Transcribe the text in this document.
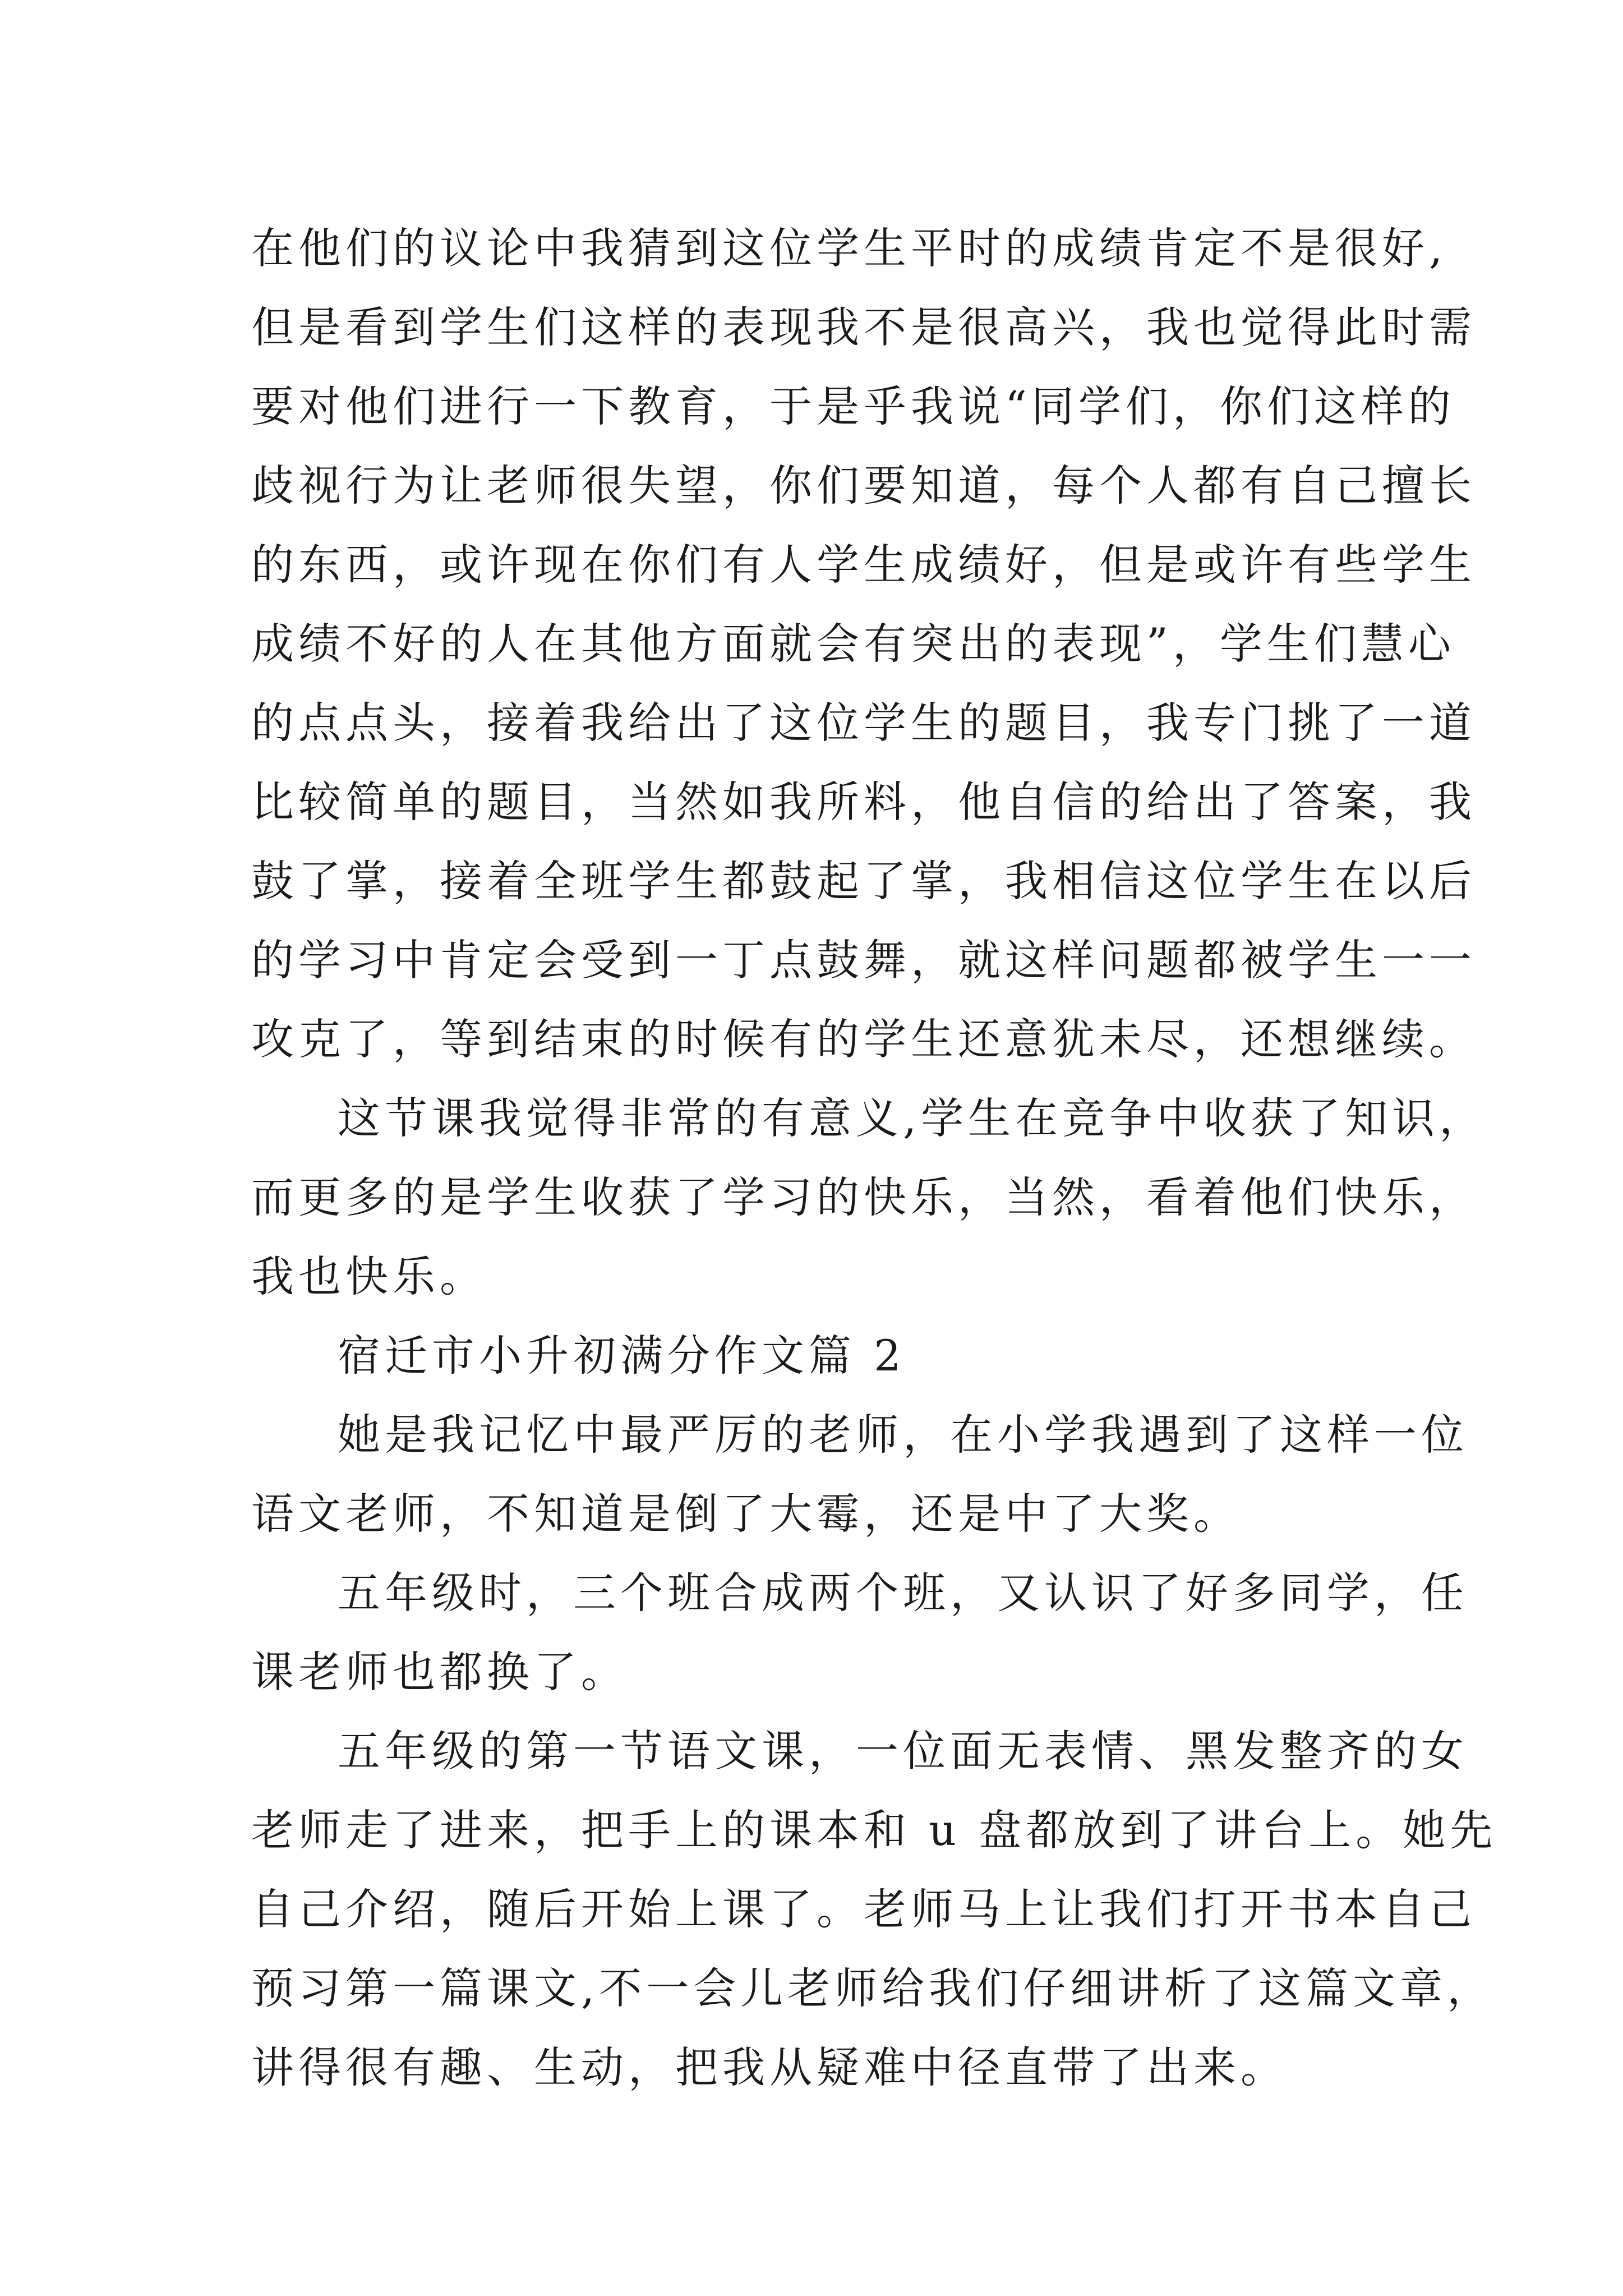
在他们的议论中我猜到这位学生平时的成绩肯定不是很好,
但是看到学生们这样的表现我不是很高兴，我也觉得此时需
要对他们进行一下教育，于是乎我说“同学们，你们这样的
歧视行为让老师很失望，你们要知道，每个人都有自己擅长
的东西，或许现在你们有人学生成绩好，但是或许有些学生
成绩不好的人在其他方面就会有突出的表现”，学生们慧心
的点点头，接着我给出了这位学生的题目，我专门挑了一道
比较简单的题目，当然如我所料，他自信的给出了答案，我
鼓了掌，接着全班学生都鼓起了掌，我相信这位学生在以后
的学习中肯定会受到一丁点鼓舞，就这样问题都被学生一一
攻克了，等到结束的时候有的学生还意犹未尽，还想继续。
这节课我觉得非常的有意义,学生在竞争中收获了知识，
而更多的是学生收获了学习的快乐，当然，看着他们快乐，
我也快乐。
宿迁市小升初满分作文篇 2
她是我记忆中最严厉的老师，在小学我遇到了这样一位
语文老师，不知道是倒了大霉，还是中了大奖。
五年级时，三个班合成两个班，又认识了好多同学，任
课老师也都换了。
五年级的第一节语文课，一位面无表情、黑发整齐的女
老师走了进来，把手上的课本和 u 盘都放到了讲台上。她先
自己介绍，随后开始上课了。老师马上让我们打开书本自己
预习第一篇课文,不一会儿老师给我们仔细讲析了这篇文章，
讲得很有趣、生动，把我从疑难中径直带了出来。
